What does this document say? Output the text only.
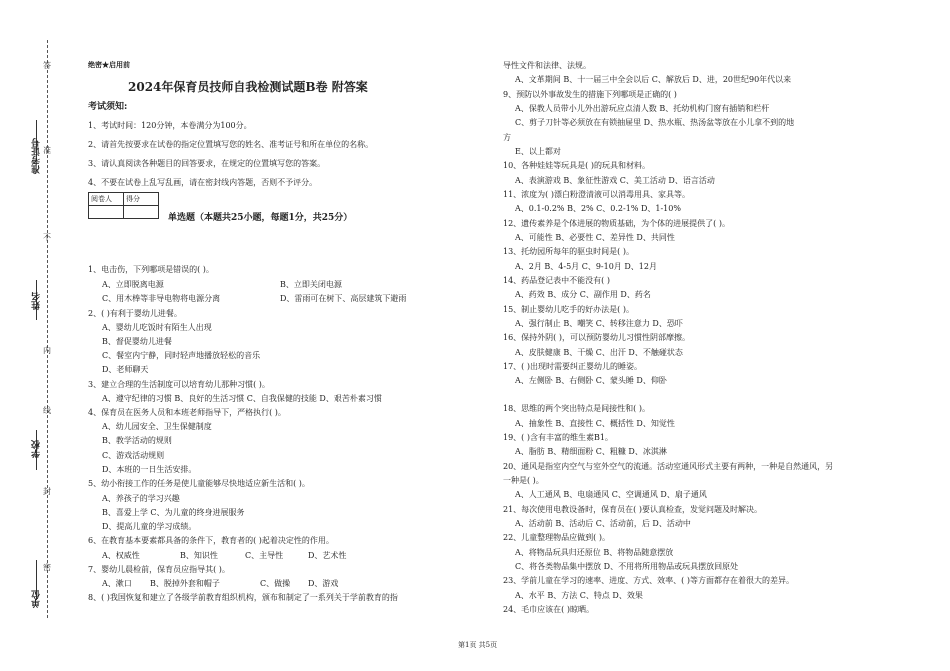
准考证号
姓名
学校
单位
答
准
不
内
线
封
密
绝密★启用前
2024年保育员技师自我检测试题B卷 附答案
考试须知:
1、考试时间：120分钟，本卷满分为100分。
2、请首先按要求在试卷的指定位置填写您的姓名、准考证号和所在单位的名称。
3、请认真阅读各种题目的回答要求，在规定的位置填写您的答案。
4、不要在试卷上乱写乱画，请在密封线内答题，否则不予评分。
阅卷人	得分

单选题（本题共25小题，每题1分，共25分）
1、电击伤，下列哪项是错误的( )。
A、立即脱离电源	B、立即关闭电源
C、用木棒等非导电物将电源分离	D、雷雨可在树下、高层建筑下避雨
2、( )有利于婴幼儿进餐。
A、婴幼儿吃饭时有陌生人出现
B、督促婴幼儿进餐
C、餐室内宁静，同时轻声地播放轻松的音乐
D、老师聊天
3、建立合理的生活制度可以培育幼儿那种习惯( )。
A、遵守纪律的习惯 B、良好的生活习惯 C、自我保健的技能 D、艰苦朴素习惯
4、保育员在医务人员和本班老师指导下，严格执行( )。
A、幼儿园安全、卫生保健制度
B、教学活动的规则
C、游戏活动规则
D、本班的一日生活安排。
5、幼小衔接工作的任务是使儿童能够尽快地适应新生活和( )。
A、养孩子的学习兴趣
B、喜爱上学 C、为儿童的终身进展服务
D、提高儿童的学习成绩。
6、在教育基本要素都具备的条件下，教育者的( )起着决定性的作用。
A、权威性	B、知识性	C、主导性	D、艺术性
7、婴幼儿晨检前，保育员应指导其( )。
A、漱口 B、脱掉外套和帽子	C、做操 D、游戏
8、( )我国恢复和建立了各级学前教育组织机构，颁布和制定了一系列关于学前教育的指
导性文件和法律、法规。
A、文革期间 B、十一届三中全会以后 C、解放后 D、进，20世纪90年代以来
9、预防以外事故发生的措施下列哪项是正确的( )
A、保教人员带小儿外出游玩应点清人数 B、托幼机构门窗有插销和栏杆
C、剪子刀针等必须放在有锁抽屉里 D、热水瓶、热汤盆等放在小儿拿不到的地
方
E、以上都对
10、各种娃娃等玩具是( )的玩具和材料。
A、表演游戏 B、象征性游戏 C、美工活动 D、语言活动
11、浓度为( )漂白粉澄清液可以消毒用具、家具等。
A、0.1-0.2% B、2% C、0.2-1% D、1-10%
12、遗传素养是个体进展的物质基础，为个体的进展提供了( )。
A、可能性 B、必要性 C、差异性 D、共同性
13、托幼园所每年的驱虫时间是( )。
A、2月 B、4-5月 C、9-10月 D、12月
14、药品登记表中不能没有( )
A、药效 B、成分 C、副作用 D、药名
15、制止婴幼儿吃手的好办法是( )。
A、强行制止 B、嘲笑 C、转移注意力 D、恐吓
16、保持外阴( )，可以预防婴幼儿习惯性阴部摩擦。
A、皮肤健康 B、干燥 C、出汗 D、不触碰状态
17、( )出现时需要纠正婴幼儿的睡姿。
A、左侧卧 B、右侧卧 C、蒙头睡 D、仰卧
18、思维的两个突出特点是间接性和( )。
A、抽象性 B、直接性 C、概括性 D、知觉性
19、( )含有丰富的维生素B1。
A、脂肪 B、精细面粉 C、粗糠 D、冰淇淋
20、通风是指室内空气与室外空气的流通。活动室通风形式主要有两种，一种是自然通风，另
一种是( )。
A、人工通风 B、电扇通风 C、空调通风 D、扇子通风
21、每次使用电教设备时，保育员在( )要认真检查，发觉问题及时解决。
A、活动前 B、活动后 C、活动前，后 D、活动中
22、儿童整理物品应做到( )。
A、将物品玩具归还原位 B、将物品随意摆放
C、将各类物品集中摆放 D、不用将所用物品或玩具摆放回原处
23、学前儿童在学习的速率、进度、方式、效率、( )等方面都存在着很大的差异。
A、水平 B、方法 C、特点 D、效果
24、毛巾应该在( )晾晒。
第1页 共5页
